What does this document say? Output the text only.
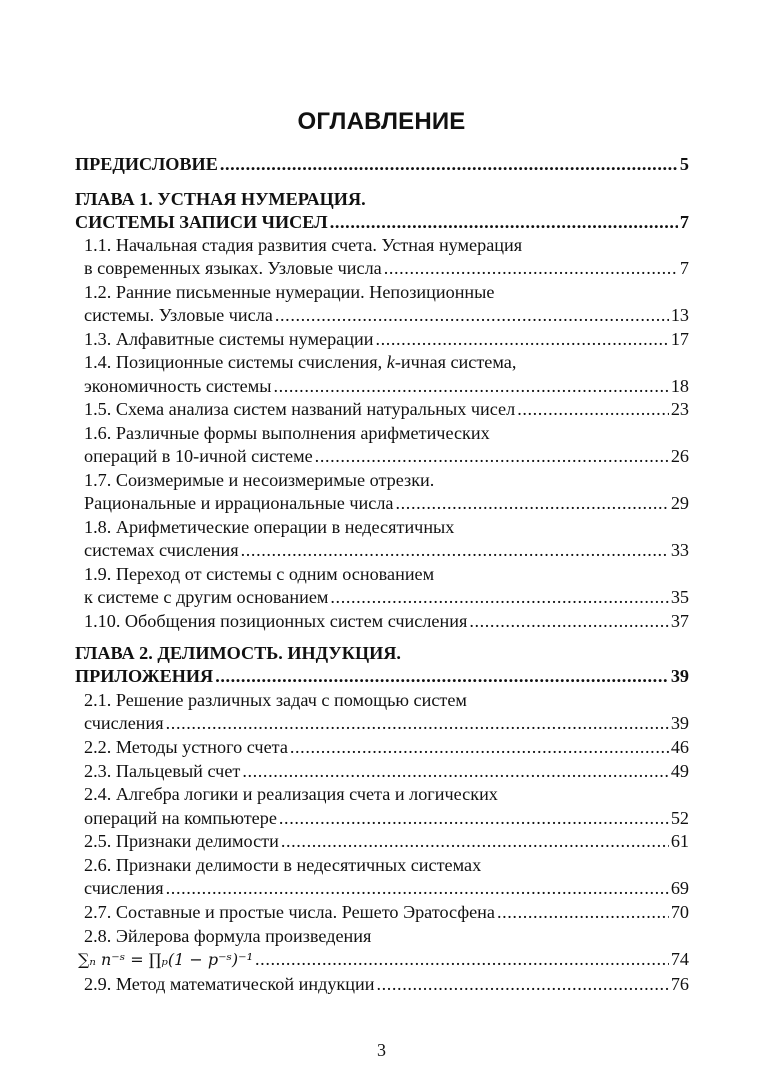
ОГЛАВЛЕНИЕ
ПРЕДИСЛОВИЕ .....	5
ГЛАВА 1. УСТНАЯ НУМЕРАЦИЯ.
СИСТЕМЫ ЗАПИСИ ЧИСЕЛ .....	7
1.1. Начальная стадия развития счета. Устная нумерация
в современных языках. Узловые числа .....	7
1.2. Ранние письменные нумерации. Непозиционные
системы. Узловые числа .....	13
1.3. Алфавитные системы нумерации .....	17
1.4. Позиционные системы счисления, k-ичная система,
экономичность системы .....	18
1.5. Схема анализа систем названий натуральных чисел .....	23
1.6. Различные формы выполнения арифметических
операций в 10-ичной системе .....	26
1.7. Соизмеримые и несоизмеримые отрезки.
Рациональные и иррациональные числа .....	29
1.8. Арифметические операции в недесятичных
системах счисления .....	33
1.9. Переход от системы с одним основанием
к системе с другим основанием .....	35
1.10. Обобщения позиционных систем счисления .....	37
ГЛАВА 2. ДЕЛИМОСТЬ. ИНДУКЦИЯ.
ПРИЛОЖЕНИЯ .....	39
2.1. Решение различных задач с помощью систем
счисления .....	39
2.2. Методы устного счета .....	46
2.3. Пальцевый счет .....	49
2.4. Алгебра логики и реализация счета и логических
операций на компьютере .....	52
2.5. Признаки делимости .....	61
2.6. Признаки делимости в недесятичных системах
счисления .....	69
2.7. Составные и простые числа. Решето Эратосфена .....	70
2.8. Эйлерова формула произведения
∑ₙ n⁻ˢ = ∏ₚ(1 − p⁻ˢ)⁻¹ .....	74
2.9. Метод математической индукции .....	76
3
